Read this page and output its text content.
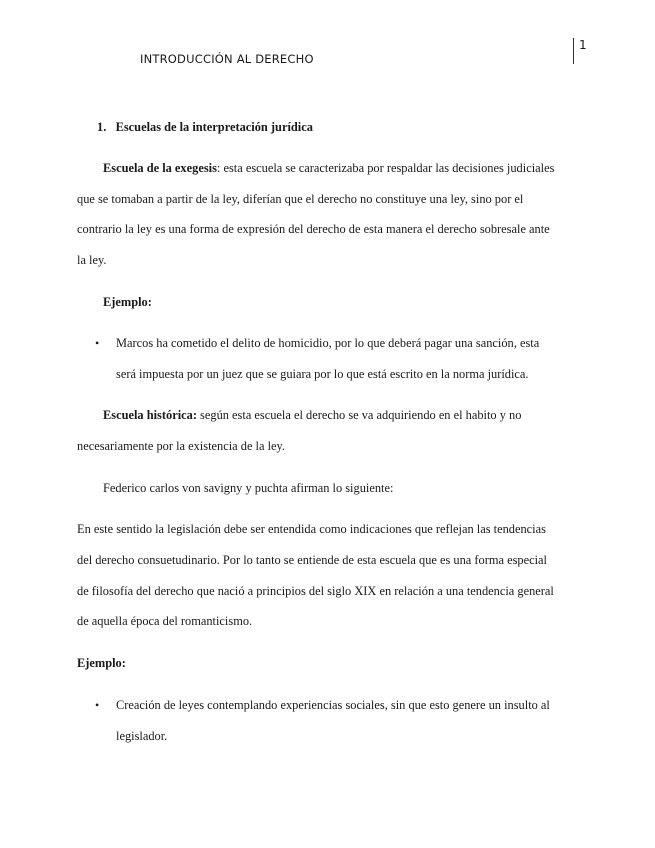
INTRODUCCIÓN AL DERECHO
1
1. Escuelas de la interpretación jurídica
Escuela de la exegesis: esta escuela se caracterizaba por respaldar las decisiones judiciales
que se tomaban a partir de la ley, diferían que el derecho no constituye una ley, sino por el
contrario la ley es una forma de expresión del derecho de esta manera el derecho sobresale ante
la ley.
Ejemplo:
• Marcos ha cometido el delito de homicidio, por lo que deberá pagar una sanción, esta
será impuesta por un juez que se guiara por lo que está escrito en la norma jurídica.
Escuela histórica: según esta escuela el derecho se va adquiriendo en el habito y no
necesariamente por la existencia de la ley.
Federico carlos von savigny y puchta afirman lo siguiente:
En este sentido la legislación debe ser entendida como indicaciones que reflejan las tendencias
del derecho consuetudinario. Por lo tanto se entiende de esta escuela que es una forma especial
de filosofía del derecho que nació a principios del siglo XIX en relación a una tendencia general
de aquella época del romanticismo.
Ejemplo:
• Creación de leyes contemplando experiencias sociales, sin que esto genere un insulto al
legislador.
